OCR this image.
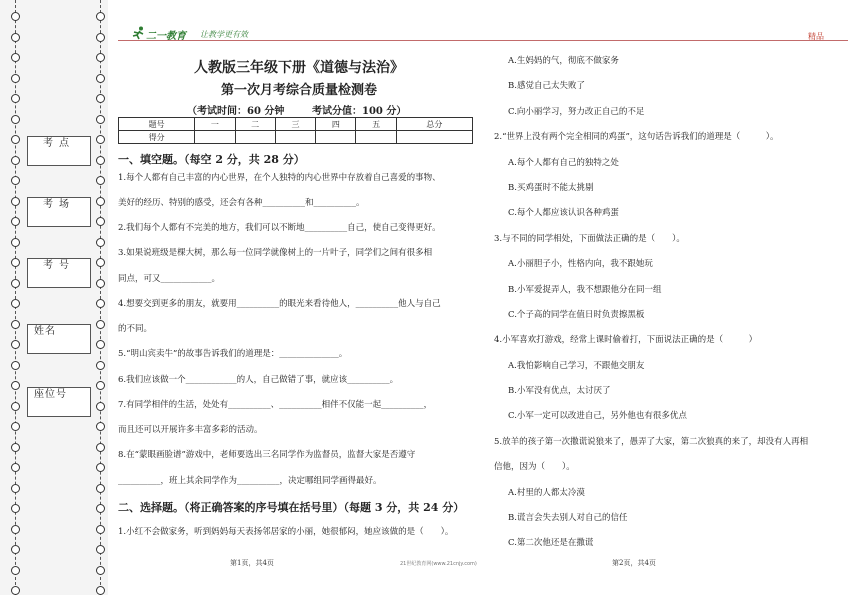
考点
考场
考号
姓名
座位号
二一教育 让教学更有效	精品
人教版三年级下册《道德与法治》
第一次月考综合质量检测卷
（考试时间：60 分钟	考试分值：100 分）
题号	一	二	三	四	五	总分
得分						
一、填空题。（每空 2 分，共 28 分）
1.每个人都有自己丰富的内心世界，在个人独特的内心世界中存放着自己喜爱的事物、
美好的经历、特别的感受，还会有各种__________和__________。
2.我们每个人都有不完美的地方，我们可以不断地__________自己，使自己变得更好。
3.如果说班级是棵大树，那么每一位同学就像树上的一片叶子，同学们之间有很多相
同点，可又____________。
4.想要交到更多的朋友，就要用__________的眼光来看待他人，__________他人与自己
的不同。
5.“明山宾卖牛”的故事告诉我们的道理是：______________。
6.我们应该做一个____________的人，自己做错了事，就应该__________。
7.有同学相伴的生活，处处有__________、__________相伴不仅能一起__________，
而且还可以开展许多丰富多彩的活动。
8.在“蒙眼画脸谱”游戏中，老师要选出三名同学作为监督员，监督大家是否遵守
__________，班上其余同学作为__________，决定哪组同学画得最好。
二、选择题。（将正确答案的序号填在括号里）（每题 3 分，共 24 分）
1.小红不会做家务，听到妈妈每天表扬邻居家的小丽，她很郁闷，她应该做的是（　　）。
第1页，共4页	21世纪教育网(www.21cnjy.com)
A.生妈妈的气，彻底不做家务
B.感觉自己太失败了
C.向小丽学习，努力改正自己的不足
2.“世界上没有两个完全相同的鸡蛋”，这句话告诉我们的道理是（　　　）。
A.每个人都有自己的独特之处
B.买鸡蛋时不能太挑剔
C.每个人都应该认识各种鸡蛋
3.与不同的同学相处，下面做法正确的是（　　）。
A.小丽胆子小，性格内向，我不跟她玩
B.小军爱捉弄人，我不想跟他分在同一组
C.个子高的同学在值日时负责擦黑板
4.小军喜欢打游戏，经常上课时偷着打，下面说法正确的是（　　　）
A.我怕影响自己学习，不跟他交朋友
B.小军没有优点，太讨厌了
C.小军一定可以改进自己，另外他也有很多优点
5.放羊的孩子第一次撒谎说狼来了，愚弄了大家，第二次狼真的来了，却没有人再相
信他，因为（　　）。
A.村里的人都太冷漠
B.谎言会失去别人对自己的信任
C.第二次他还是在撒谎
第2页，共4页
